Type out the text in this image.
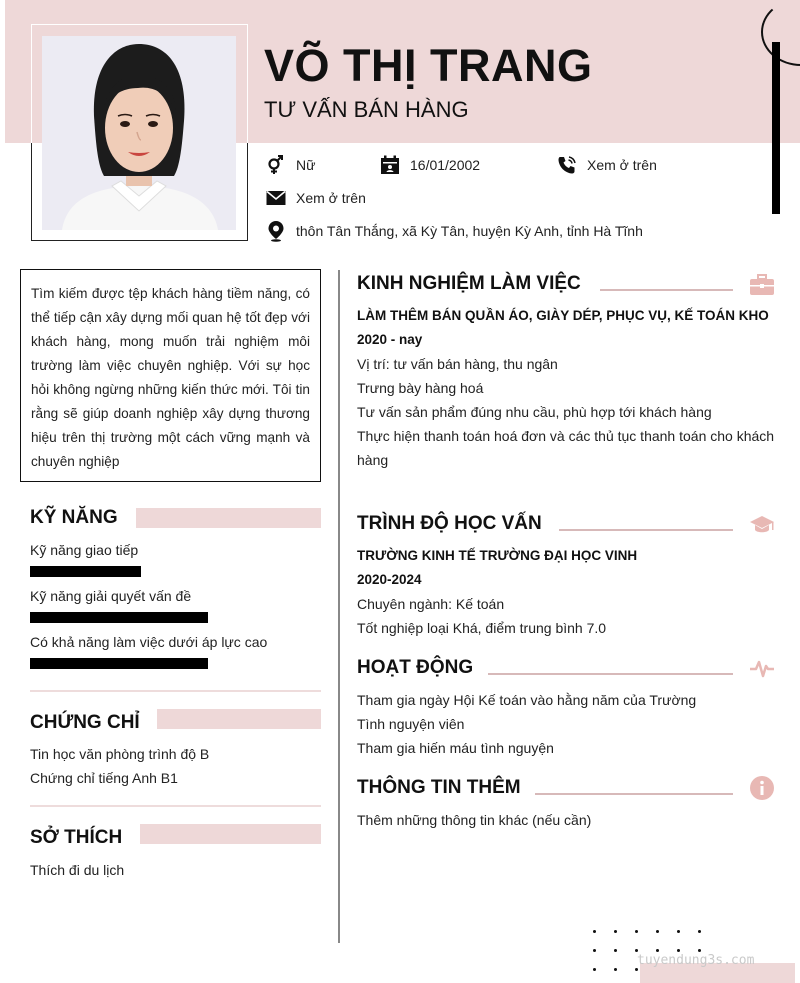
VÕ THỊ TRANG
TƯ VẤN BÁN HÀNG
Nữ	16/01/2002	Xem ở trên
Xem ở trên
thôn Tân Thắng, xã Kỳ Tân, huyện Kỳ Anh, tỉnh Hà Tĩnh
Tìm kiếm được tệp khách hàng tiềm năng, có thể tiếp cận xây dựng mối quan hệ tốt đẹp với khách hàng, mong muốn trải nghiệm môi trường làm việc chuyên nghiệp. Với sự học hỏi không ngừng những kiến thức mới. Tôi tin rằng sẽ giúp doanh nghiệp xây dựng thương hiệu trên thị trường một cách vững mạnh và chuyên nghiệp
KỸ NĂNG
Kỹ năng giao tiếp
Kỹ năng giải quyết vấn đề
Có khả năng làm việc dưới áp lực cao
CHỨNG CHỈ
Tin học văn phòng trình độ B
Chứng chỉ tiếng Anh B1
SỞ THÍCH
Thích đi du lịch
KINH NGHIỆM LÀM VIỆC
LÀM THÊM BÁN QUẦN ÁO, GIÀY DÉP, PHỤC VỤ, KẾ TOÁN KHO
2020 - nay
Vị trí: tư vấn bán hàng, thu ngân
Trưng bày hàng hoá
Tư vấn sản phẩm đúng nhu cầu, phù hợp tới khách hàng
Thực hiện thanh toán hoá đơn và các thủ tục thanh toán cho khách
hàng
TRÌNH ĐỘ HỌC VẤN
TRƯỜNG KINH TẾ TRƯỜNG ĐẠI HỌC VINH
2020-2024
Chuyên ngành: Kế toán
Tốt nghiệp loại Khá, điểm trung bình 7.0
HOẠT ĐỘNG
Tham gia ngày Hội Kế toán vào hằng năm của Trường
Tình nguyện viên
Tham gia hiến máu tình nguyện
THÔNG TIN THÊM
Thêm những thông tin khác (nếu cần)
tuyendung3s.com
